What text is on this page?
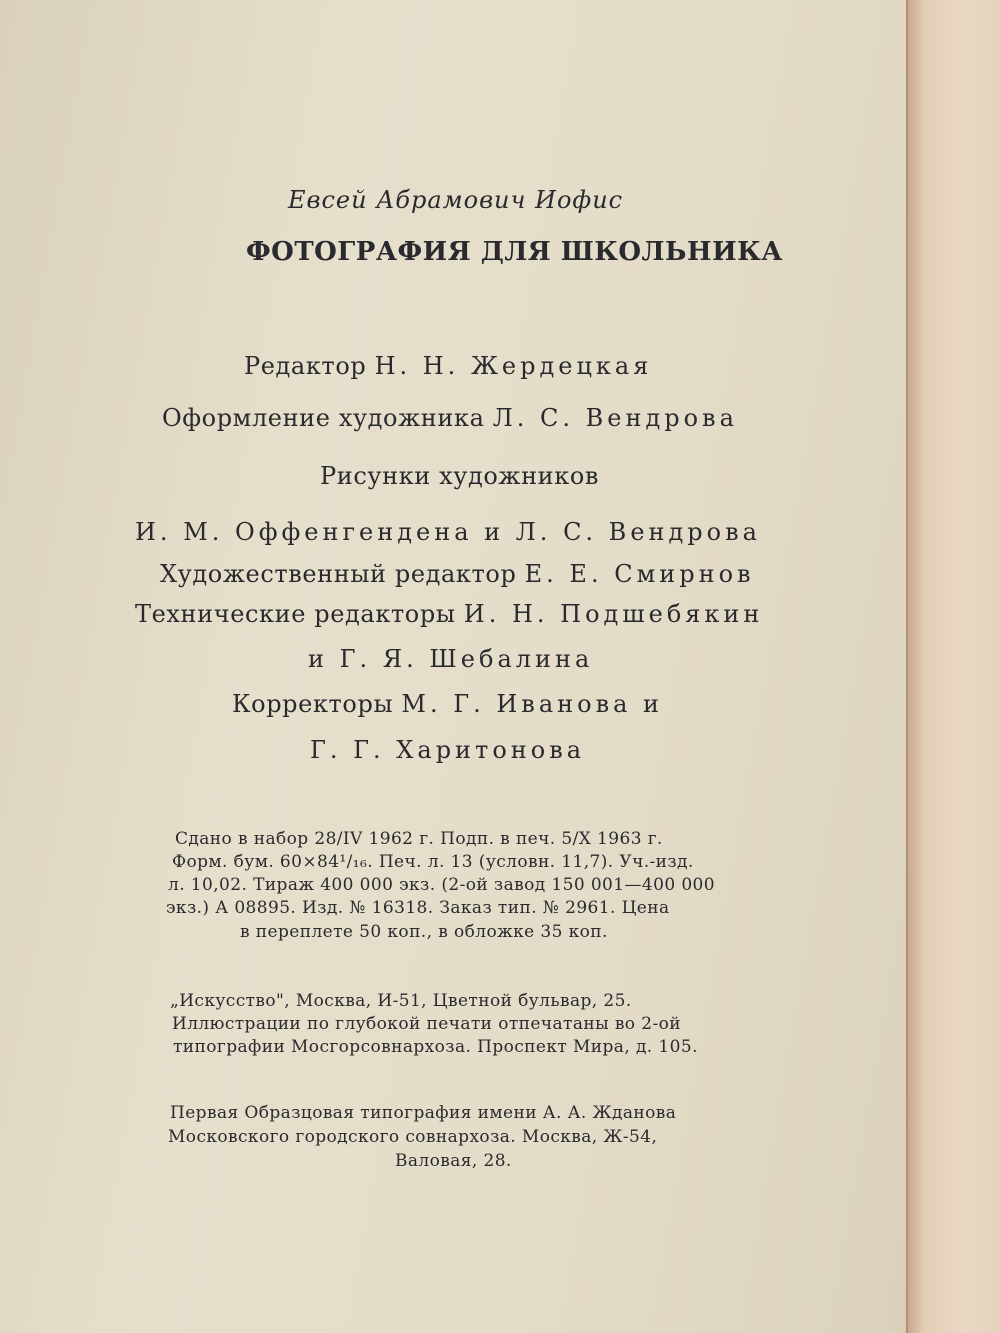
Евсей Абрамович Иофис
ФОТОГРАФИЯ ДЛЯ ШКОЛЬНИКА
Редактор Н. Н. Жердецкая
Оформление художника Л. С. Вендрова
Рисунки художников
И. М. Оффенгендена и Л. С. Вендрова
Художественный редактор Е. Е. Смирнов
Технические редакторы И. Н. Подшебякин
и Г. Я. Шебалина
Корректоры М. Г. Иванова и
Г. Г. Харитонова
Сдано в набор 28/IV 1962 г. Подп. в печ. 5/X 1963 г.
Форм. бум. 60×84¹/₁₆. Печ. л. 13 (условн. 11,7). Уч.-изд.
л. 10,02. Тираж 400 000 экз. (2-ой завод 150 001—400 000
экз.) А 08895. Изд. № 16318. Заказ тип. № 2961. Цена
в переплете 50 коп., в обложке 35 коп.
„Искусство", Москва, И-51, Цветной бульвар, 25.
Иллюстрации по глубокой печати отпечатаны во 2-ой
типографии Мосгорсовнархоза. Проспект Мира, д. 105.
Первая Образцовая типография имени А. А. Жданова
Московского городского совнархоза. Москва, Ж-54,
Валовая, 28.
